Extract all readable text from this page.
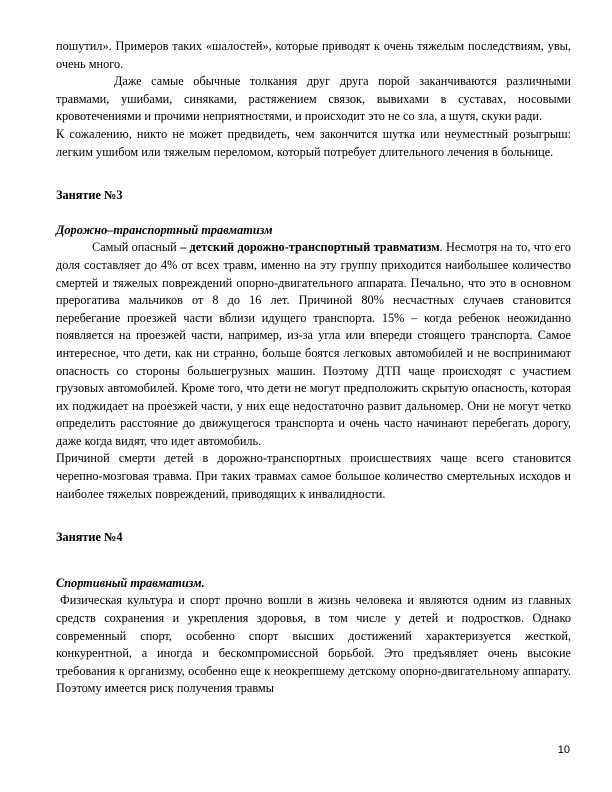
пошутил». Примеров таких «шалостей», которые приводят к очень тяжелым последствиям, увы, очень много.

Даже самые обычные толкания друг друга порой заканчиваются различными травмами, ушибами, синяками, растяжением связок, вывихами в суставах, носовыми кровотечениями и прочими неприятностями, и происходит это не со зла, а шутя, скуки ради.

К сожалению, никто не может предвидеть, чем закончится шутка или неуместный розыгрыш: легким ушибом или тяжелым переломом, который потребует длительного лечения в больнице.

Занятие №3

Дорожно–транспортный травматизм

Самый опасный – детский дорожно-транспортный травматизм. Несмотря на то, что его доля составляет до 4% от всех травм, именно на эту группу приходится наибольшее количество смертей и тяжелых повреждений опорно-двигательного аппарата. Печально, что это в основном прерогатива мальчиков от 8 до 16 лет. Причиной 80% несчастных случаев становится перебегание проезжей части вблизи идущего транспорта. 15% – когда ребенок неожиданно появляется на проезжей части, например, из-за угла или впереди стоящего транспорта. Самое интересное, что дети, как ни странно, больше боятся легковых автомобилей и не воспринимают опасность со стороны большегрузных машин. Поэтому ДТП чаще происходят с участием грузовых автомобилей. Кроме того, что дети не могут предположить скрытую опасность, которая их поджидает на проезжей части, у них еще недостаточно развит дальномер. Они не могут четко определить расстояние до движущегося транспорта и очень часто начинают перебегать дорогу, даже когда видят, что идет автомобиль.

Причиной смерти детей в дорожно-транспортных происшествиях чаще всего становится черепно-мозговая травма. При таких травмах самое большое количество смертельных исходов и наиболее тяжелых повреждений, приводящих к инвалидности.

Занятие №4

Спортивный травматизм.

Физическая культура и спорт прочно вошли в жизнь человека и являются одним из главных средств сохранения и укрепления здоровья, в том числе у детей и подростков. Однако современный спорт, особенно спорт высших достижений характеризуется жесткой, конкурентной, а иногда и бескомпромиссной борьбой. Это предъявляет очень высокие требования к организму, особенно еще к неокрепшему детскому опорно-двигательному аппарату. Поэтому имеется риск получения травмы

10
